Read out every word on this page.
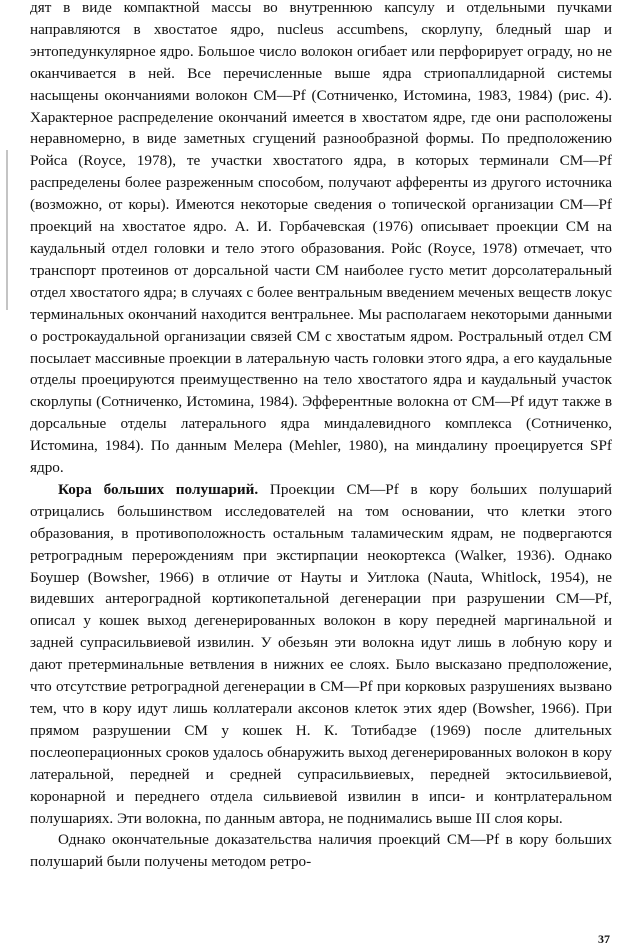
дят в виде компактной массы во внутреннюю капсулу и отдельными пучками направляются в хвостатое ядро, nucleus accumbens, скорлупу, бледный шар и энтопедункулярное ядро. Большое число волокон огибает или перфорирует ограду, но не оканчивается в ней. Все перечисленные выше ядра стриопаллидарной системы насыщены окончаниями волокон СМ—Pf (Сотниченко, Истомина, 1983, 1984) (рис. 4). Характерное распределение окончаний имеется в хвостатом ядре, где они расположены неравномерно, в виде заметных сгущений разнообразной формы. По предположению Ройса (Royce, 1978), те участки хвостатого ядра, в которых терминали СМ—Pf распределены более разреженным способом, получают афференты из другого источника (возможно, от коры). Имеются некоторые сведения о топической организации СМ—Pf проекций на хвостатое ядро. А. И. Горбачевская (1976) описывает проекции СМ на каудальный отдел головки и тело этого образования. Ройс (Royce, 1978) отмечает, что транспорт протеинов от дорсальной части СМ наиболее густо метит дорсолатеральный отдел хвостатого ядра; в случаях с более вентральным введением меченых веществ локус терминальных окончаний находится вентральнее. Мы располагаем некоторыми данными о рострокаудальной организации связей СМ с хвостатым ядром. Ростральный отдел СМ посылает массивные проекции в латеральную часть головки этого ядра, а его каудальные отделы проецируются преимущественно на тело хвостатого ядра и каудальный участок скорлупы (Сотниченко, Истомина, 1984). Эфферентные волокна от СМ—Pf идут также в дорсальные отделы латерального ядра миндалевидного комплекса (Сотниченко, Истомина, 1984). По данным Мелера (Mehler, 1980), на миндалину проецируется SPf ядро.

Кора больших полушарий. Проекции СМ—Pf в кору больших полушарий отрицались большинством исследователей на том основании, что клетки этого образования, в противоположность остальным таламическим ядрам, не подвергаются ретроградным перерождениям при экстирпации неокортекса (Walker, 1936). Однако Боушер (Bowsher, 1966) в отличие от Науты и Уитлока (Nauta, Whitlock, 1954), не видевших антероградной кортикопетальной дегенерации при разрушении СМ—Pf, описал у кошек выход дегенерированных волокон в кору передней маргинальной и задней супрасильвиевой извилин. У обезьян эти волокна идут лишь в лобную кору и дают претерминальные ветвления в нижних ее слоях. Было высказано предположение, что отсутствие ретроградной дегенерации в СМ—Pf при корковых разрушениях вызвано тем, что в кору идут лишь коллатерали аксонов клеток этих ядер (Bowsher, 1966). При прямом разрушении СМ у кошек Н. К. Тотибадзе (1969) после длительных послеоперационных сроков удалось обнаружить выход дегенерированных волокон в кору латеральной, передней и средней супрасильвиевых, передней эктосильвиевой, коронарной и переднего отдела сильвиевой извилин в ипси- и контрлатеральном полушариях. Эти волокна, по данным автора, не поднимались выше III слоя коры.

Однако окончательные доказательства наличия проекций СМ—Pf в кору больших полушарий были получены методом ретро-

37
